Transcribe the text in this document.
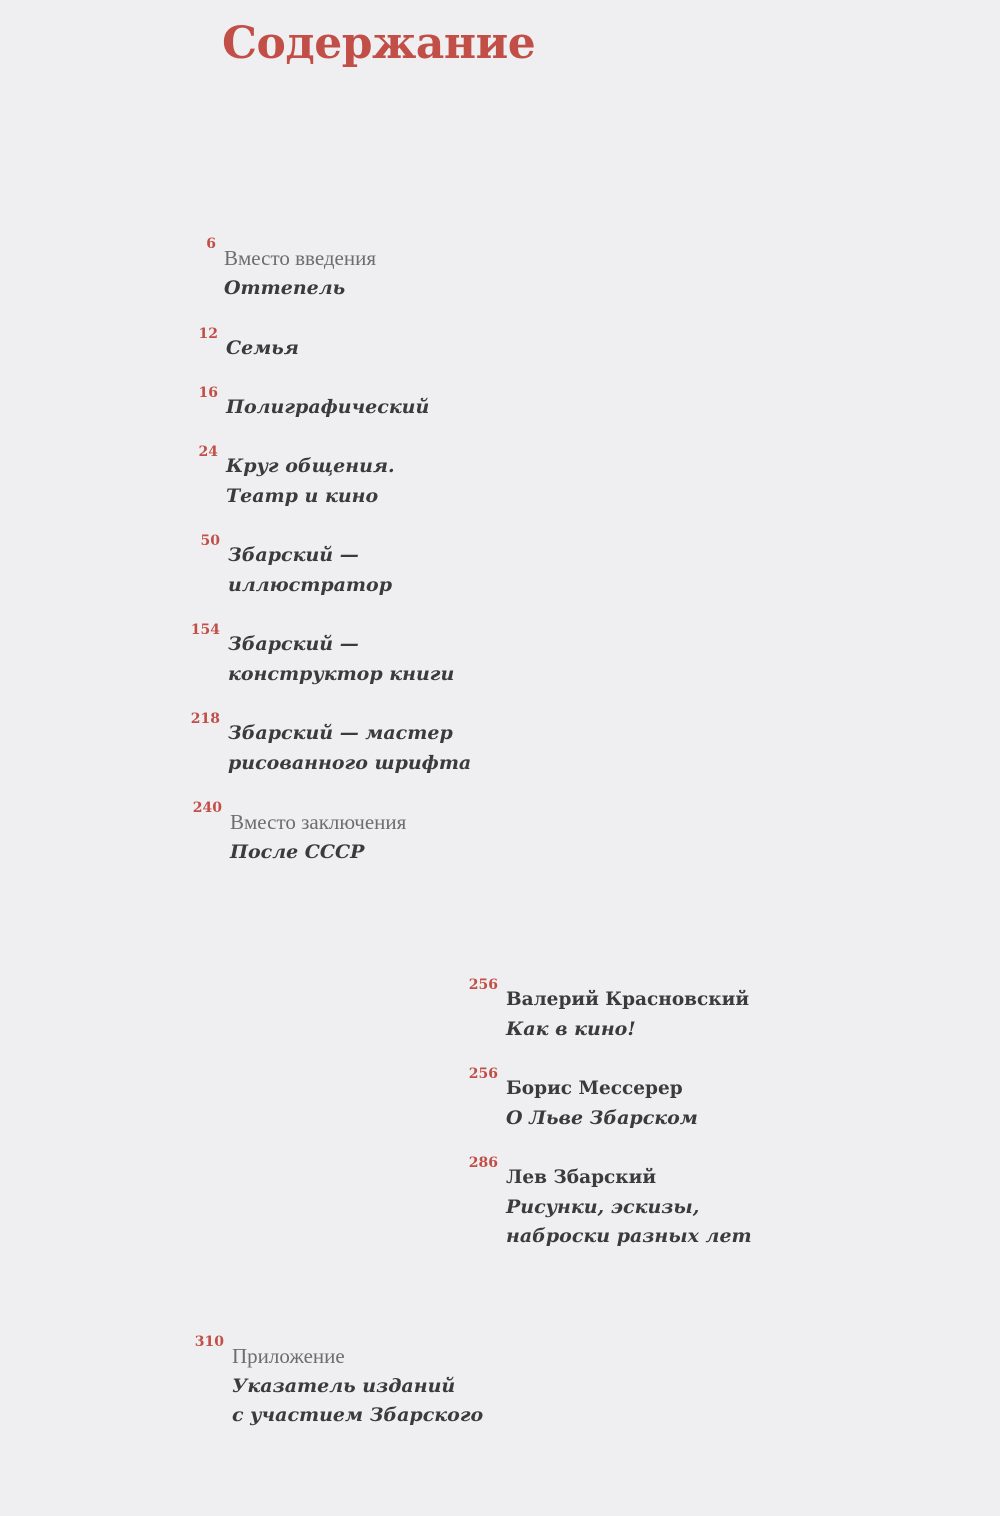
Содержание
6
Вместо введения
Оттепель
12
Семья
16
Полиграфический
24
Круг общения.
Театр и кино
50
Збарский —
иллюстратор
154
Збарский —
конструктор книги
218
Збарский — мастер
рисованного шрифта
240
Вместо заключения
После СССР
256
Валерий Красновский
Как в кино!
256
Борис Мессерер
О Льве Збарском
286
Лев Збарский
Рисунки, эскизы,
наброски разных лет
310
Приложение
Указатель изданий
с участием Збарского
